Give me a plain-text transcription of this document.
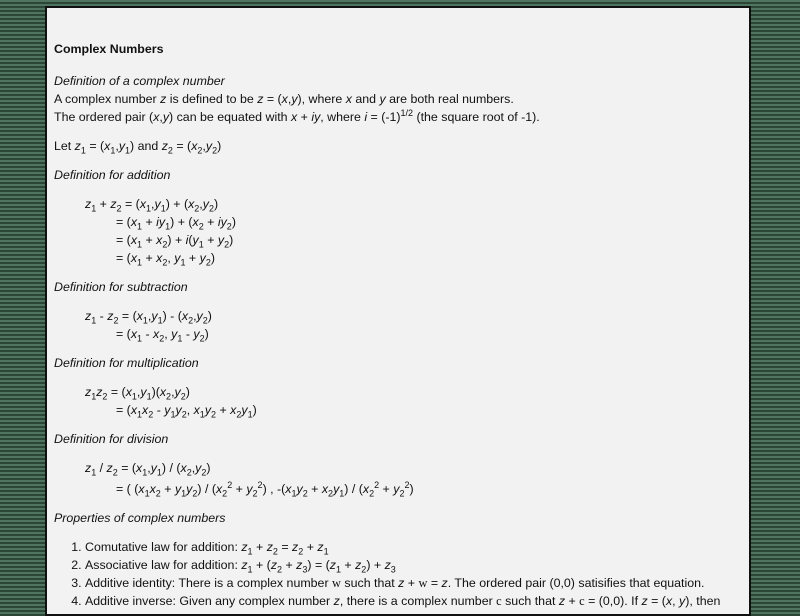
Complex Numbers

Definition of a complex number

A complex number z is defined to be z = (x,y), where x and y are both real numbers.

The ordered pair (x,y) can be equated with x + iy, where $i = (-1)^{1/2}$ (the square root of -1).

Let $z_1 = (x_1,y_1)$ and $z_2 = (x_2,y_2)$

Definition for addition

$z_1 + z_2 = (x_1,y_1) + (x_2,y_2)$

= $(x_1 + iy_1) + (x_2 + iy_2)$

= $(x_1 + x_2) + i(y_1 + y_2)$

= ($x_1 + x_2$, $y_1 + y_2$)

Definition for subtraction

$z_1 - z_2 = (x_1,y_1) - (x_2,y_2)$

= ($x_1 - x_2$, $y_1 - y_2$)

Definition for multiplication

$z_1z_2 = (x_1,y_1)(x_2,y_2)$

= ($x_1x_2 - y_1y_2$, $x_1y_2 + x_2y_1$)

Definition for division

$z_1 / z_2 = (x_1,y_1) / (x_2,y_2)$

= ( $(x_1x_2 + y_1y_2) / (x_2^2 + y_2^2)$ , $-(x_1y_2 + x_2y_1) / (x_2^2 + y_2^2)$

Properties of complex numbers

1. Comutative law for addition: $z_1 + z_2 = z_2 + z_1$
2. Associative law for addition: $z_1 + (z_2 + z_3) = (z_1 + z_2) + z_3$
3. Additive identity: There is a complex number w such that z + w = z. The ordered pair (0,0) satisifies that equation.
4. Additive inverse: Given any complex number z, there is a complex number c such that z + c = (0,0). If z = (x, y), then
